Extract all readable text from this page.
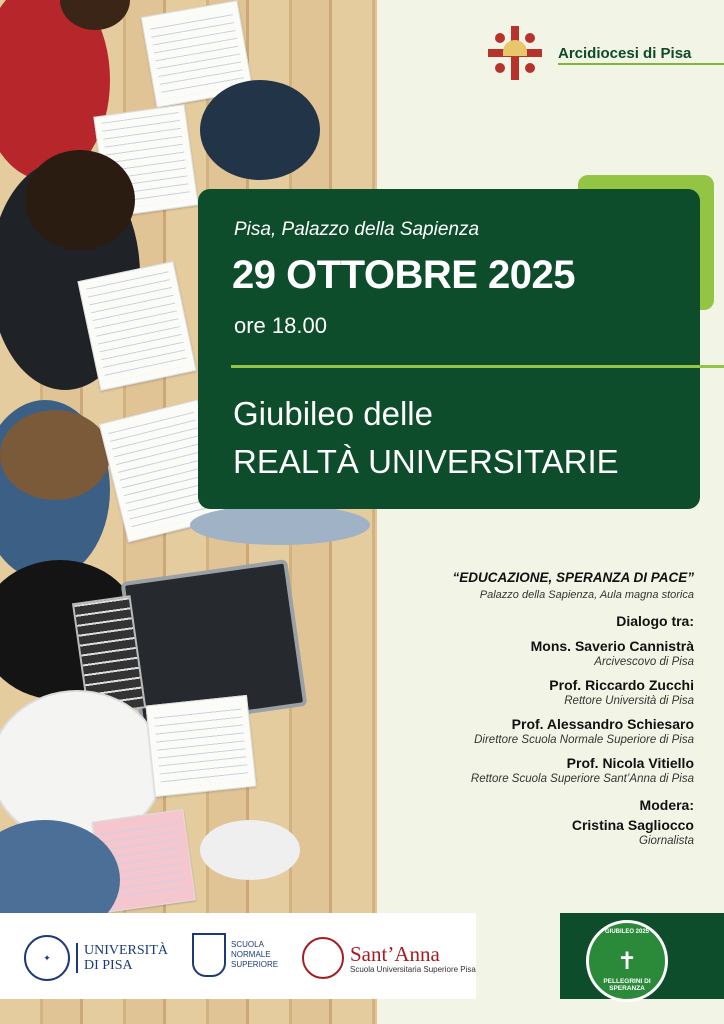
Arcidiocesi di Pisa
Pisa, Palazzo della Sapienza
29 OTTOBRE 2025
ore 18.00
Giubileo delle
REALTÀ UNIVERSITARIE
“EDUCAZIONE, SPERANZA DI PACE”
Palazzo della Sapienza, Aula magna storica
Dialogo tra:
Mons. Saverio Cannistrà
Arcivescovo di Pisa
Prof. Riccardo Zucchi
Rettore Università di Pisa
Prof. Alessandro Schiesaro
Direttore Scuola Normale Superiore di Pisa
Prof. Nicola Vitiello
Rettore Scuola Superiore Sant’Anna di Pisa
Modera:
Cristina Sagliocco
Giornalista
✦	UNIVERSITÀ
DI PISA
SCUOLA
NORMALE
SUPERIORE	Sant’Anna
Scuola Universitaria Superiore Pisa
GIUBILEO 2025
✝
PELLEGRINI DI SPERANZA
